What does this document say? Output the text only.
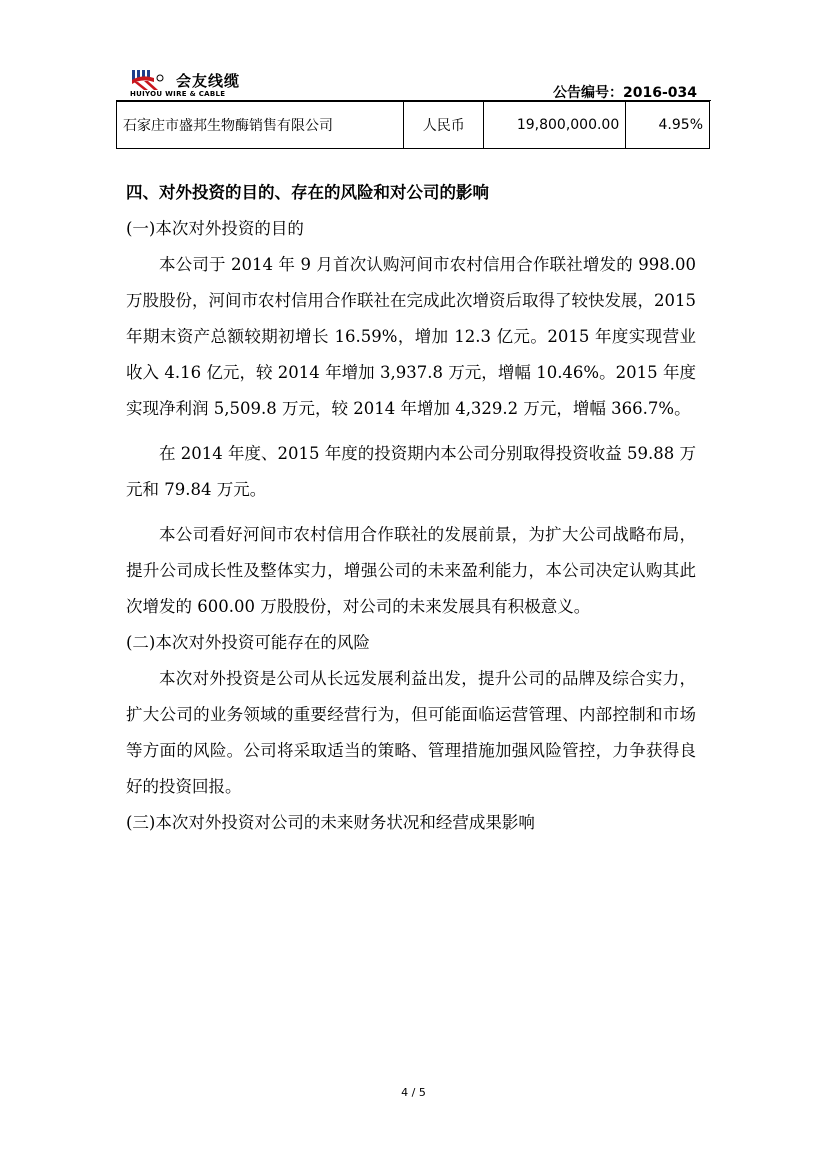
会友线缆
HUIYOU WIRE & CABLE	公告编号：2016-034
石家庄市盛邦生物酶销售有限公司	人民币	19,800,000.00	4.95%

四、对外投资的目的、存在的风险和对公司的影响

(一)本次对外投资的目的

本公司于 2014 年 9 月首次认购河间市农村信用合作联社增发的 998.00 万股股份，河间市农村信用合作联社在完成此次增资后取得了较快发展，2015 年期末资产总额较期初增长 16.59%，增加 12.3 亿元。2015 年度实现营业收入 4.16 亿元，较 2014 年增加 3,937.8 万元，增幅 10.46%。2015 年度实现净利润 5,509.8 万元，较 2014 年增加 4,329.2 万元，增幅 366.7%。

在 2014 年度、2015 年度的投资期内本公司分别取得投资收益 59.88 万元和 79.84 万元。

本公司看好河间市农村信用合作联社的发展前景，为扩大公司战略布局，提升公司成长性及整体实力，增强公司的未来盈利能力，本公司决定认购其此次增发的 600.00 万股股份，对公司的未来发展具有积极意义。

(二)本次对外投资可能存在的风险

本次对外投资是公司从长远发展利益出发，提升公司的品牌及综合实力，扩大公司的业务领域的重要经营行为，但可能面临运营管理、内部控制和市场等方面的风险。公司将采取适当的策略、管理措施加强风险管控，力争获得良好的投资回报。

(三)本次对外投资对公司的未来财务状况和经营成果影响

4 / 5
